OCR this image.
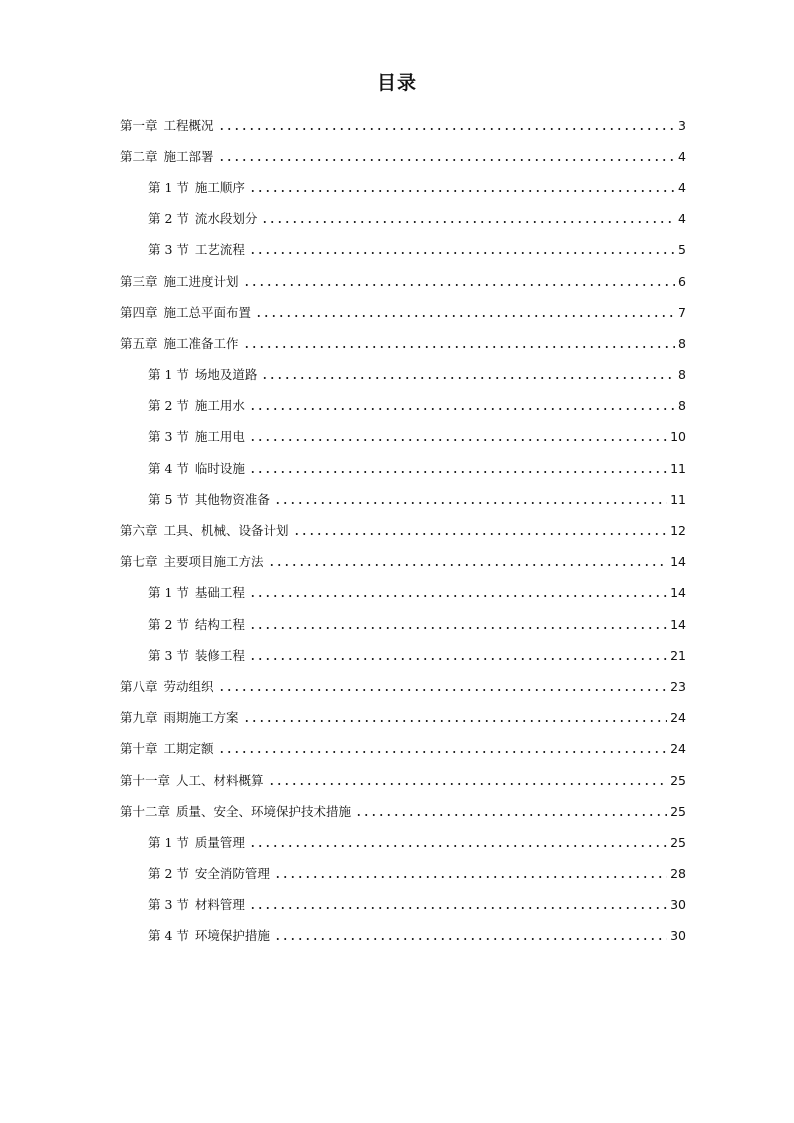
目录
第一章 工程概况	3
第二章 施工部署	4
第 1 节 施工顺序	4
第 2 节 流水段划分	4
第 3 节 工艺流程	5
第三章 施工进度计划	6
第四章 施工总平面布置	7
第五章 施工准备工作	8
第 1 节 场地及道路	8
第 2 节 施工用水	8
第 3 节 施工用电	10
第 4 节 临时设施	11
第 5 节 其他物资准备	11
第六章 工具、机械、设备计划	12
第七章 主要项目施工方法	14
第 1 节 基础工程	14
第 2 节 结构工程	14
第 3 节 装修工程	21
第八章 劳动组织	23
第九章 雨期施工方案	24
第十章 工期定额	24
第十一章 人工、材料概算	25
第十二章 质量、安全、环境保护技术措施	25
第 1 节 质量管理	25
第 2 节 安全消防管理	28
第 3 节 材料管理	30
第 4 节 环境保护措施	30
